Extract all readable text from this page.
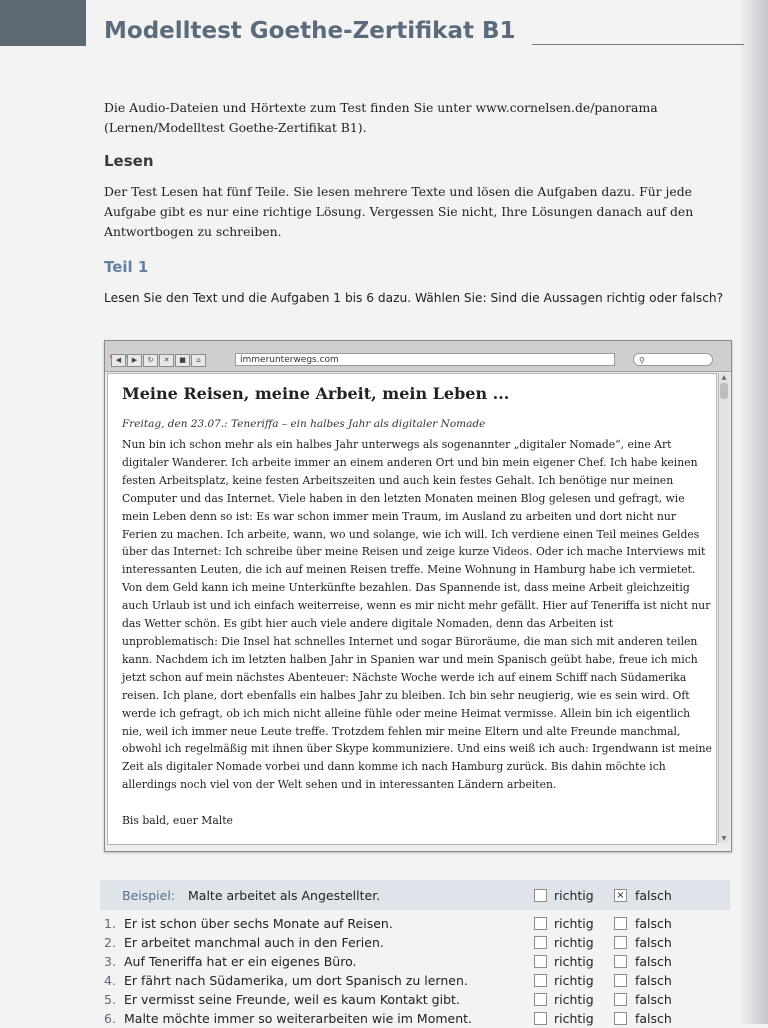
Modelltest Goethe-Zertifikat B1

Die Audio-Dateien und Hörtexte zum Test finden Sie unter www.cornelsen.de/panorama (Lernen/Modelltest Goethe-Zertifikat B1).

Lesen

Der Test Lesen hat fünf Teile. Sie lesen mehrere Texte und lösen die Aufgaben dazu. Für jede Aufgabe gibt es nur eine richtige Lösung. Vergessen Sie nicht, Ihre Lösungen danach auf den Antwortbogen zu schreiben.

Teil 1

Lesen Sie den Text und die Aufgaben 1 bis 6 dazu. Wählen Sie: Sind die Aussagen richtig oder falsch?

◀	▶	↻	✕	■	⌂	immerunterwegs.com	⚲
Meine Reisen, meine Arbeit, mein Leben ...

Freitag, den 23.07.: Teneriffa – ein halbes Jahr als digitaler Nomade

Nun bin ich schon mehr als ein halbes Jahr unterwegs als sogenannter „digitaler Nomade“, eine Art digitaler Wanderer. Ich arbeite immer an einem anderen Ort und bin mein eigener Chef. Ich habe keinen festen Arbeitsplatz, keine festen Arbeitszeiten und auch kein festes Gehalt. Ich benötige nur meinen Computer und das Internet. Viele haben in den letzten Monaten meinen Blog gelesen und gefragt, wie mein Leben denn so ist: Es war schon immer mein Traum, im Ausland zu arbeiten und dort nicht nur Ferien zu machen. Ich arbeite, wann, wo und solange, wie ich will. Ich verdiene einen Teil meines Geldes über das Internet: Ich schreibe über meine Reisen und zeige kurze Videos. Oder ich mache Interviews mit interessanten Leuten, die ich auf meinen Reisen treffe. Meine Wohnung in Hamburg habe ich vermietet. Von dem Geld kann ich meine Unterkünfte bezahlen. Das Spannende ist, dass meine Arbeit gleichzeitig auch Urlaub ist und ich einfach weiterreise, wenn es mir nicht mehr gefällt. Hier auf Teneriffa ist nicht nur das Wetter schön. Es gibt hier auch viele andere digitale Nomaden, denn das Arbeiten ist unproblematisch: Die Insel hat schnelles Internet und sogar Büroräume, die man sich mit anderen teilen kann. Nachdem ich im letzten halben Jahr in Spanien war und mein Spanisch geübt habe, freue ich mich jetzt schon auf mein nächstes Abenteuer: Nächste Woche werde ich auf einem Schiff nach Südamerika reisen. Ich plane, dort ebenfalls ein halbes Jahr zu bleiben. Ich bin sehr neugierig, wie es sein wird. Oft werde ich gefragt, ob ich mich nicht alleine fühle oder meine Heimat vermisse. Allein bin ich eigentlich nie, weil ich immer neue Leute treffe. Trotzdem fehlen mir meine Eltern und alte Freunde manchmal, obwohl ich regelmäßig mit ihnen über Skype kommuniziere. Und eins weiß ich auch: Irgendwann ist meine Zeit als digitaler Nomade vorbei und dann komme ich nach Hamburg zurück. Bis dahin möchte ich allerdings noch viel von der Welt sehen und in interessanten Ländern arbeiten.

Bis bald, euer Malte

▲
▼
Beispiel: Malte arbeitet als Angestellter.	richtig × falsch
1. Er ist schon über sechs Monate auf Reisen.	richtig	falsch
2. Er arbeitet manchmal auch in den Ferien.	richtig	falsch
3. Auf Teneriffa hat er ein eigenes Büro.	richtig	falsch
4. Er fährt nach Südamerika, um dort Spanisch zu lernen.	richtig	falsch
5. Er vermisst seine Freunde, weil es kaum Kontakt gibt.	richtig	falsch
6. Malte möchte immer so weiterarbeiten wie im Moment.	richtig	falsch
